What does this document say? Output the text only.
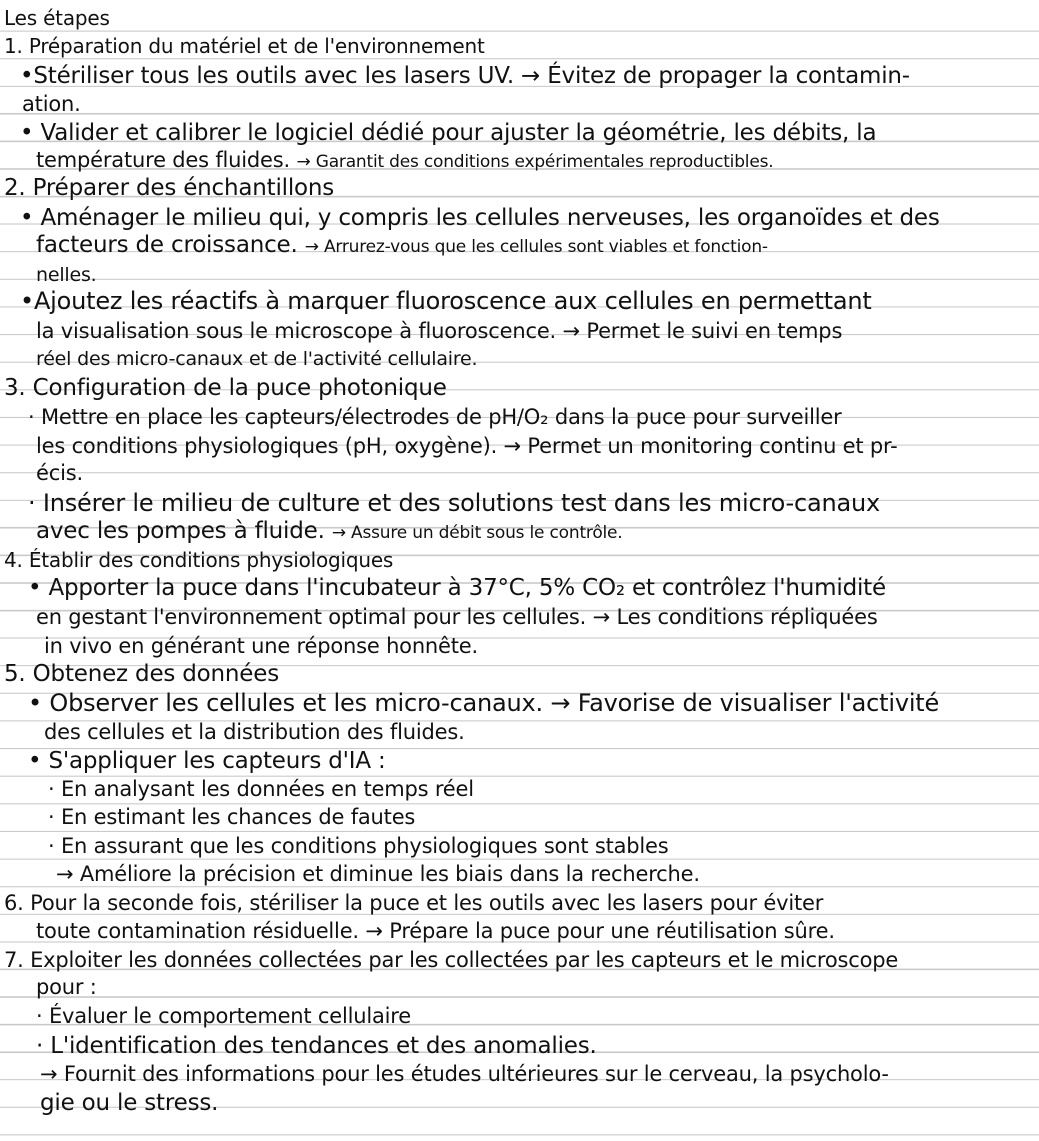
Les étapes
1. Préparation du matériel et de l'environnement
•Stériliser tous les outils avec les lasers UV. → Évitez de propager la contamin-
ation.
• Valider et calibrer le logiciel dédié pour ajuster la géométrie, les débits, la
température des fluides. → Garantit des conditions expérimentales reproductibles.
2. Préparer des énchantillons
• Aménager le milieu qui, y compris les cellules nerveuses, les organoïdes et des
facteurs de croissance. → Arrurez-vous que les cellules sont viables et fonction-
nelles.
•Ajoutez les réactifs à marquer fluoroscence aux cellules en permettant
la visualisation sous le microscope à fluoroscence. → Permet le suivi en temps
réel des micro-canaux et de l'activité cellulaire.
3. Configuration de la puce photonique
· Mettre en place les capteurs/électrodes de pH/O₂ dans la puce pour surveiller
les conditions physiologiques (pH, oxygène). → Permet un monitoring continu et pr-
écis.
· Insérer le milieu de culture et des solutions test dans les micro-canaux
avec les pompes à fluide. → Assure un débit sous le contrôle.
4. Établir des conditions physiologiques
• Apporter la puce dans l'incubateur à 37°C, 5% CO₂ et contrôlez l'humidité
en gestant l'environnement optimal pour les cellules. → Les conditions répliquées
in vivo en générant une réponse honnête.
5. Obtenez des données
• Observer les cellules et les micro-canaux. → Favorise de visualiser l'activité
des cellules et la distribution des fluides.
• S'appliquer les capteurs d'IA :
· En analysant les données en temps réel
· En estimant les chances de fautes
· En assurant que les conditions physiologiques sont stables
→ Améliore la précision et diminue les biais dans la recherche.
6. Pour la seconde fois, stériliser la puce et les outils avec les lasers pour éviter
toute contamination résiduelle. → Prépare la puce pour une réutilisation sûre.
7. Exploiter les données collectées par les collectées par les capteurs et le microscope
pour :
· Évaluer le comportement cellulaire
· L'identification des tendances et des anomalies.
→ Fournit des informations pour les études ultérieures sur le cerveau, la psycholo-
gie ou le stress.
